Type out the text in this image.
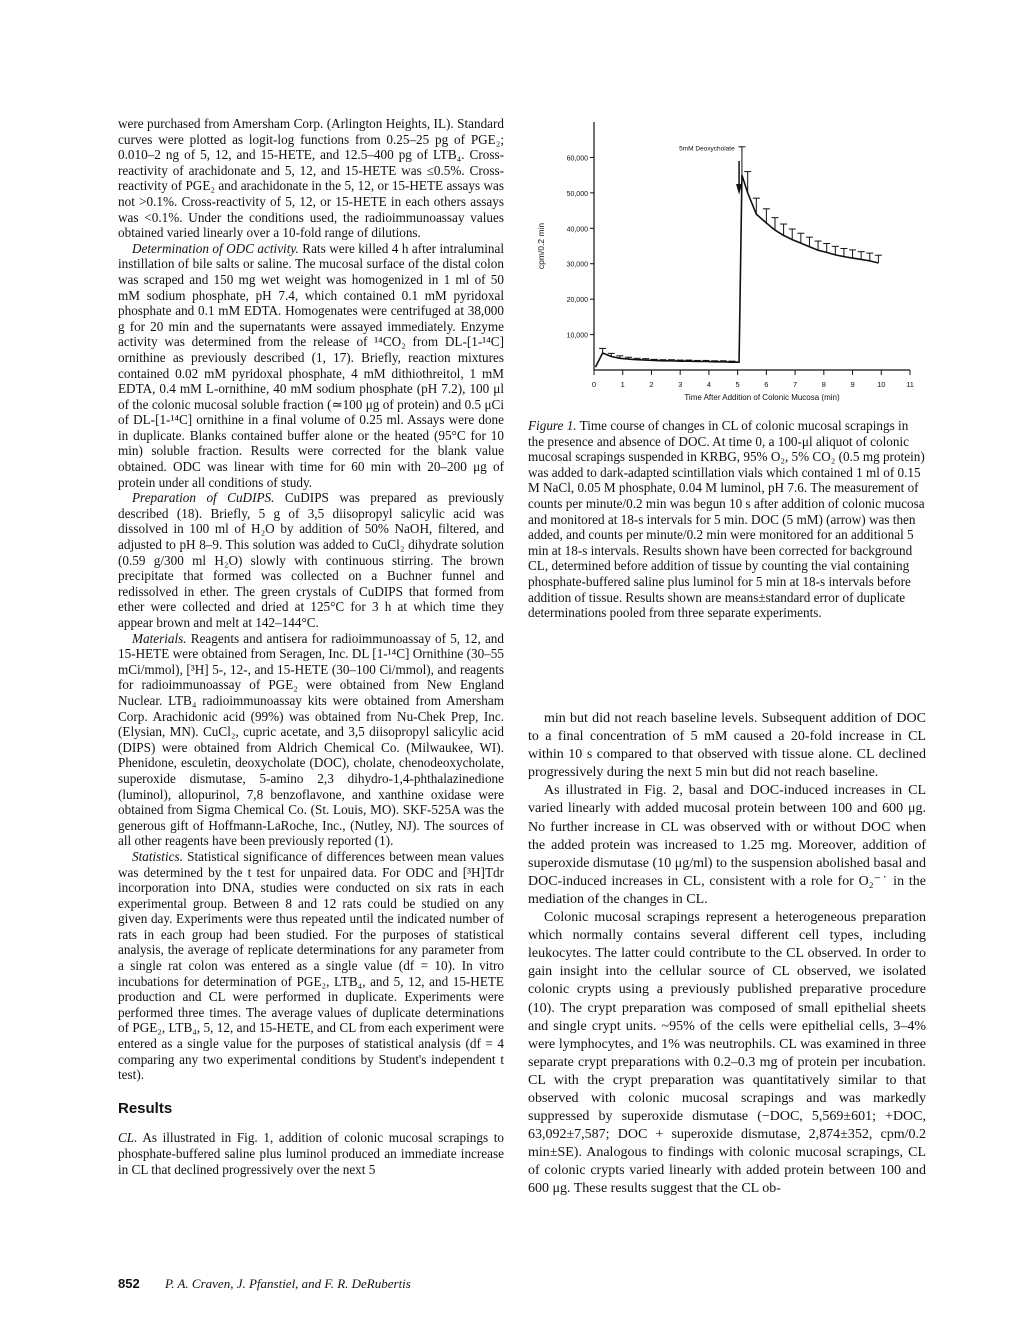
were purchased from Amersham Corp. (Arlington Heights, IL). Standard curves were plotted as logit-log functions from 0.25–25 pg of PGE₂; 0.010–2 ng of 5, 12, and 15-HETE, and 12.5–400 pg of LTB₄. Cross-reactivity of arachidonate and 5, 12, and 15-HETE was ≤0.5%. Cross-reactivity of PGE₂ and arachidonate in the 5, 12, or 15-HETE assays was not >0.1%. Cross-reactivity of 5, 12, or 15-HETE in each others assays was <0.1%. Under the conditions used, the radioimmunoassay values obtained varied linearly over a 10-fold range of dilutions.

Determination of ODC activity. Rats were killed 4 h after intraluminal instillation of bile salts or saline. The mucosal surface of the distal colon was scraped and 150 mg wet weight was homogenized in 1 ml of 50 mM sodium phosphate, pH 7.4, which contained 0.1 mM pyridoxal phosphate and 0.1 mM EDTA. Homogenates were centrifuged at 38,000 g for 20 min and the supernatants were assayed immediately. Enzyme activity was determined from the release of ¹⁴CO₂ from DL-[1-¹⁴C] ornithine as previously described (1, 17). Briefly, reaction mixtures contained 0.02 mM pyridoxal phosphate, 4 mM dithiothreitol, 1 mM EDTA, 0.4 mM L-ornithine, 40 mM sodium phosphate (pH 7.2), 100 μl of the colonic mucosal soluble fraction (≃100 μg of protein) and 0.5 μCi of DL-[1-¹⁴C] ornithine in a final volume of 0.25 ml. Assays were done in duplicate. Blanks contained buffer alone or the heated (95°C for 10 min) soluble fraction. Results were corrected for the blank value obtained. ODC was linear with time for 60 min with 20–200 μg of protein under all conditions of study.

Preparation of CuDIPS. CuDIPS was prepared as previously described (18). Briefly, 5 g of 3,5 diisopropyl salicylic acid was dissolved in 100 ml of H₂O by addition of 50% NaOH, filtered, and adjusted to pH 8–9. This solution was added to CuCl₂ dihydrate solution (0.59 g/300 ml H₂O) slowly with continuous stirring. The brown precipitate that formed was collected on a Buchner funnel and redissolved in ether. The green crystals of CuDIPS that formed from ether were collected and dried at 125°C for 3 h at which time they appear brown and melt at 142–144°C.

Materials. Reagents and antisera for radioimmunoassay of 5, 12, and 15-HETE were obtained from Seragen, Inc. DL [1-¹⁴C] Ornithine (30–55 mCi/mmol), [³H] 5-, 12-, and 15-HETE (30–100 Ci/mmol), and reagents for radioimmunoassay of PGE₂ were obtained from New England Nuclear. LTB₄ radioimmunoassay kits were obtained from Amersham Corp. Arachidonic acid (99%) was obtained from Nu-Chek Prep, Inc. (Elysian, MN). CuCl₂, cupric acetate, and 3,5 diisopropyl salicylic acid (DIPS) were obtained from Aldrich Chemical Co. (Milwaukee, WI). Phenidone, esculetin, deoxycholate (DOC), cholate, chenodeoxycholate, superoxide dismutase, 5-amino 2,3 dihydro-1,4-phthalazinedione (luminol), allopurinol, 7,8 benzoflavone, and xanthine oxidase were obtained from Sigma Chemical Co. (St. Louis, MO). SKF-525A was the generous gift of Hoffmann-LaRoche, Inc., (Nutley, NJ). The sources of all other reagents have been previously reported (1).

Statistics. Statistical significance of differences between mean values was determined by the t test for unpaired data. For ODC and [³H]Tdr incorporation into DNA, studies were conducted on six rats in each experimental group. Between 8 and 12 rats could be studied on any given day. Experiments were thus repeated until the indicated number of rats in each group had been studied. For the purposes of statistical analysis, the average of replicate determinations for any parameter from a single rat colon was entered as a single value (df = 10). In vitro incubations for determination of PGE₂, LTB₄, and 5, 12, and 15-HETE production and CL were performed in duplicate. Experiments were performed three times. The average values of duplicate determinations of PGE₂, LTB₄, 5, 12, and 15-HETE, and CL from each experiment were entered as a single value for the purposes of statistical analysis (df = 4 comparing any two experimental conditions by Student's independent t test).

Results

CL. As illustrated in Fig. 1, addition of colonic mucosal scrapings to phosphate-buffered saline plus luminol produced an immediate increase in CL that declined progressively over the next 5

0	1	2	3	4	5	6	7	8	9	10	11
10,000
20,000
30,000
40,000
50,000
60,000
Time After Addition of Colonic Mucosa (min)
cpm/0.2 min
5mM Deoxycholate
Figure 1. Time course of changes in CL of colonic mucosal scrapings in the presence and absence of DOC. At time 0, a 100-μl aliquot of colonic mucosal scrapings suspended in KRBG, 95% O₂, 5% CO₂ (0.5 mg protein) was added to dark-adapted scintillation vials which contained 1 ml of 0.15 M NaCl, 0.05 M phosphate, 0.04 M luminol, pH 7.6. The measurement of counts per minute/0.2 min was begun 10 s after addition of colonic mucosa and monitored at 18-s intervals for 5 min. DOC (5 mM) (arrow) was then added, and counts per minute/0.2 min were monitored for an additional 5 min at 18-s intervals. Results shown have been corrected for background CL, determined before addition of tissue by counting the vial containing phosphate-buffered saline plus luminol for 5 min at 18-s intervals before addition of tissue. Results shown are means±standard error of duplicate determinations pooled from three separate experiments.

min but did not reach baseline levels. Subsequent addition of DOC to a final concentration of 5 mM caused a 20-fold increase in CL within 10 s compared to that observed with tissue alone. CL declined progressively during the next 5 min but did not reach baseline.

As illustrated in Fig. 2, basal and DOC-induced increases in CL varied linearly with added mucosal protein between 100 and 600 μg. No further increase in CL was observed with or without DOC when the added protein was increased to 1.25 mg. Moreover, addition of superoxide dismutase (10 μg/ml) to the suspension abolished basal and DOC-induced increases in CL, consistent with a role for O₂⁻˙ in the mediation of the changes in CL.

Colonic mucosal scrapings represent a heterogeneous preparation which normally contains several different cell types, including leukocytes. The latter could contribute to the CL observed. In order to gain insight into the cellular source of CL observed, we isolated colonic crypts using a previously published preparative procedure (10). The crypt preparation was composed of small epithelial sheets and single crypt units. ~95% of the cells were epithelial cells, 3–4% were lymphocytes, and 1% was neutrophils. CL was examined in three separate crypt preparations with 0.2–0.3 mg of protein per incubation. CL with the crypt preparation was quantitatively similar to that observed with colonic mucosal scrapings and was markedly suppressed by superoxide dismutase (−DOC, 5,569±601; +DOC, 63,092±7,587; DOC + superoxide dismutase, 2,874±352, cpm/0.2 min±SE). Analogous to findings with colonic mucosal scrapings, CL of colonic crypts varied linearly with added protein between 100 and 600 μg. These results suggest that the CL ob-

852 P. A. Craven, J. Pfanstiel, and F. R. DeRubertis
